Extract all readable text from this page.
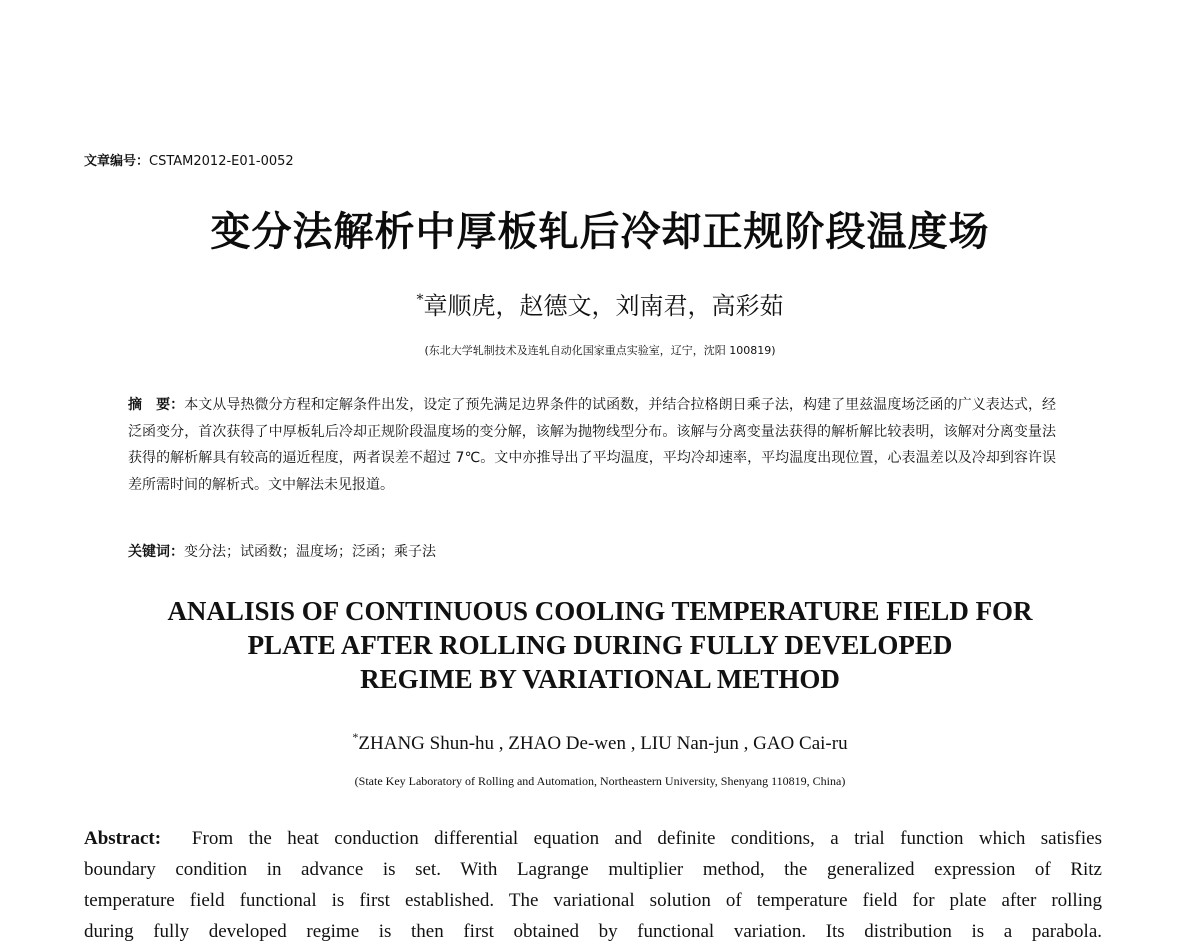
文章编号：CSTAM2012-E01-0052
变分法解析中厚板轧后冷却正规阶段温度场
*章顺虎，赵德文，刘南君，高彩茹
(东北大学轧制技术及连轧自动化国家重点实验室，辽宁，沈阳 100819)
摘　要：本文从导热微分方程和定解条件出发，设定了预先满足边界条件的试函数，并结合拉格朗日乘子法，构建了里兹温度场泛函的广义表达式，经泛函变分，首次获得了中厚板轧后冷却正规阶段温度场的变分解，该解为抛物线型分布。该解与分离变量法获得的解析解比较表明，该解对分离变量法获得的解析解具有较高的逼近程度，两者误差不超过 7℃。文中亦推导出了平均温度，平均冷却速率，平均温度出现位置，心表温差以及冷却到容许误差所需时间的解析式。文中解法未见报道。
关键词：变分法；试函数；温度场；泛函；乘子法
ANALISIS OF CONTINUOUS COOLING TEMPERATURE FIELD FOR
PLATE AFTER ROLLING DURING FULLY DEVELOPED
REGIME BY VARIATIONAL METHOD
*ZHANG Shun-hu , ZHAO De-wen , LIU Nan-jun , GAO Cai-ru
(State Key Laboratory of Rolling and Automation, Northeastern University, Shenyang 110819, China)
Abstract: From the heat conduction differential equation and definite conditions, a trial function which satisfies
boundary condition in advance is set. With Lagrange multiplier method, the generalized expression of Ritz
temperature field functional is first established. The variational solution of temperature field for plate after rolling
during fully developed regime is then first obtained by functional variation. Its distribution is a parabola.
